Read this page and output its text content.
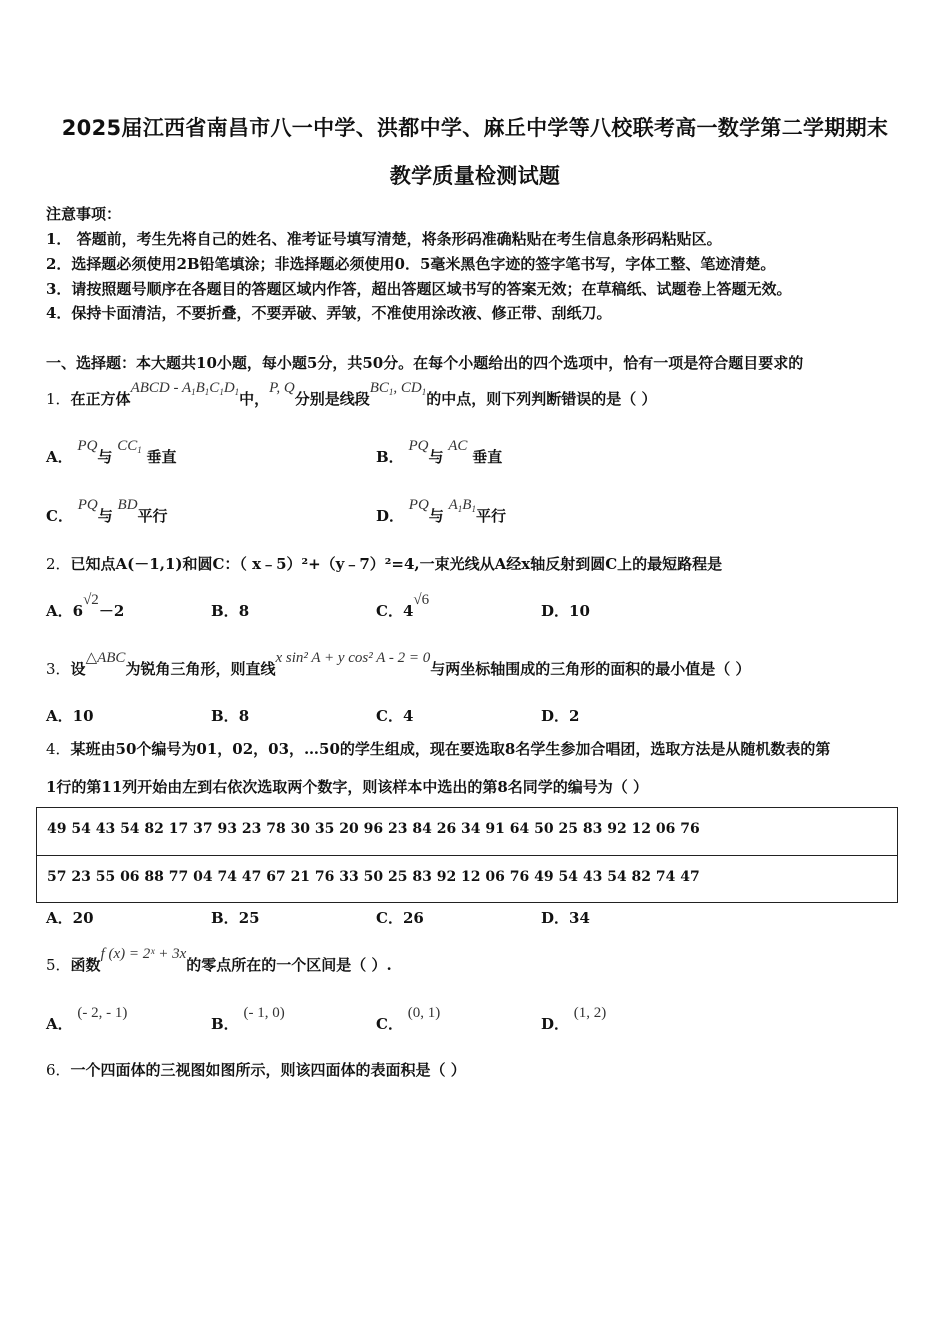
2025届江西省南昌市八一中学、洪都中学、麻丘中学等八校联考高一数学第二学期期末
教学质量检测试题
注意事项：
1． 答题前，考生先将自己的姓名、准考证号填写清楚，将条形码准确粘贴在考生信息条形码粘贴区。
2．选择题必须使用2B铅笔填涂；非选择题必须使用0．5毫米黑色字迹的签字笔书写，字体工整、笔迹清楚。
3．请按照题号顺序在各题目的答题区域内作答，超出答题区域书写的答案无效；在草稿纸、试题卷上答题无效。
4．保持卡面清洁，不要折叠，不要弄破、弄皱，不准使用涂改液、修正带、刮纸刀。
一、选择题：本大题共10小题，每小题5分，共50分。在每个小题给出的四个选项中，恰有一项是符合题目要求的
1．在正方体ABCD - $A_1B_1C_1D_1$中，P, Q分别是线段$BC_1$, $CD_1$的中点，则下列判断错误的是（ ）
A． PQ与 $CC_1$ 垂直	B． PQ与 AC 垂直
C． PQ与 BD平行	D． PQ与 $A_1B_1$平行
2．已知点A(－1,1)和圆C：（ x﹣5）²+（y﹣7）²=4,一束光线从A经x轴反射到圆C上的最短路程是
A．6√2－2	B．8	C．4√6
D．10
3．设△ABC为锐角三角形，则直线x sin² A + y cos² A - 2 = 0与两坐标轴围成的三角形的面积的最小值是（ ）
A．10	B．8	C．4	D．2
4．某班由50个编号为01，02，03，…50的学生组成，现在要选取8名学生参加合唱团，选取方法是从随机数表的第
1行的第11列开始由左到右依次选取两个数字，则该样本中选出的第8名同学的编号为（ ）
49 54 43 54 82 17 37 93 23 78 30 35 20 96 23 84 26 34 91 64 50 25 83 92 12 06 76
57 23 55 06 88 77 04 74 47 67 21 76 33 50 25 83 92 12 06 76 49 54 43 54 82 74 47
A．20	B．25	C．26	D．34
5．函数f (x) = 2ˣ + 3x的零点所在的一个区间是（ ）.
A． (- 2, - 1)
B． (- 1, 0)
C． (0, 1)
D． (1, 2)
6．一个四面体的三视图如图所示，则该四面体的表面积是（ ）
